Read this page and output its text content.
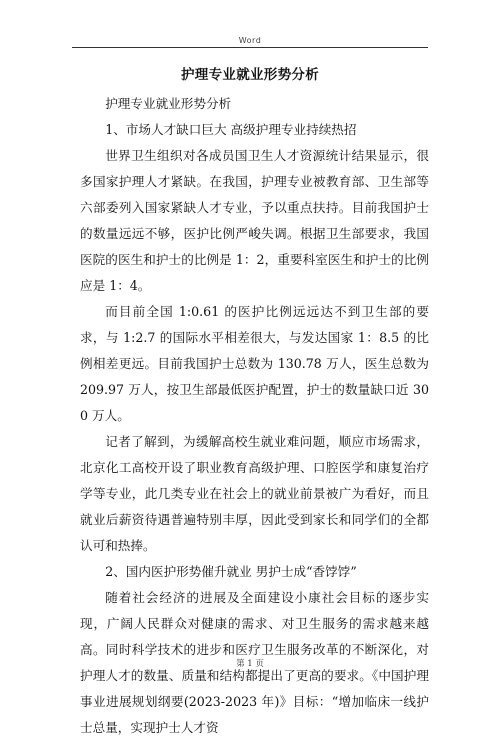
Word
护理专业就业形势分析

护理专业就业形势分析

1、市场人才缺口巨大 高级护理专业持续热招

世界卫生组织对各成员国卫生人才资源统计结果显示，很多国家护理人才紧缺。在我国，护理专业被教育部、卫生部等六部委列入国家紧缺人才专业，予以重点扶持。目前我国护士的数量远远不够，医护比例严峻失调。根据卫生部要求，我国医院的医生和护士的比例是 1：2，重要科室医生和护士的比例应是 1：4。

而目前全国 1:0.61 的医护比例远远达不到卫生部的要求，与 1:2.7 的国际水平相差很大，与发达国家 1：8.5 的比例相差更远。目前我国护士总数为 130.78 万人，医生总数为 209.97 万人，按卫生部最低医护配置，护士的数量缺口近 300 万人。

记者了解到，为缓解高校生就业难问题，顺应市场需求，北京化工高校开设了职业教育高级护理、口腔医学和康复治疗学等专业，此几类专业在社会上的就业前景被广为看好，而且就业后薪资待遇普遍特别丰厚，因此受到家长和同学们的全都认可和热捧。

2、国内医护形势催升就业 男护士成“香饽饽”

随着社会经济的进展及全面建设小康社会目标的逐步实现，广阔人民群众对健康的需求、对卫生服务的需求越来越高。同时科学技术的进步和医疗卫生服务改革的不断深化，对护理人才的数量、质量和结构都提出了更高的要求。《中国护理事业进展规划纲要(2023-2023 年)》目标：“增加临床一线护士总量，实现护士人才资

第 1 页
